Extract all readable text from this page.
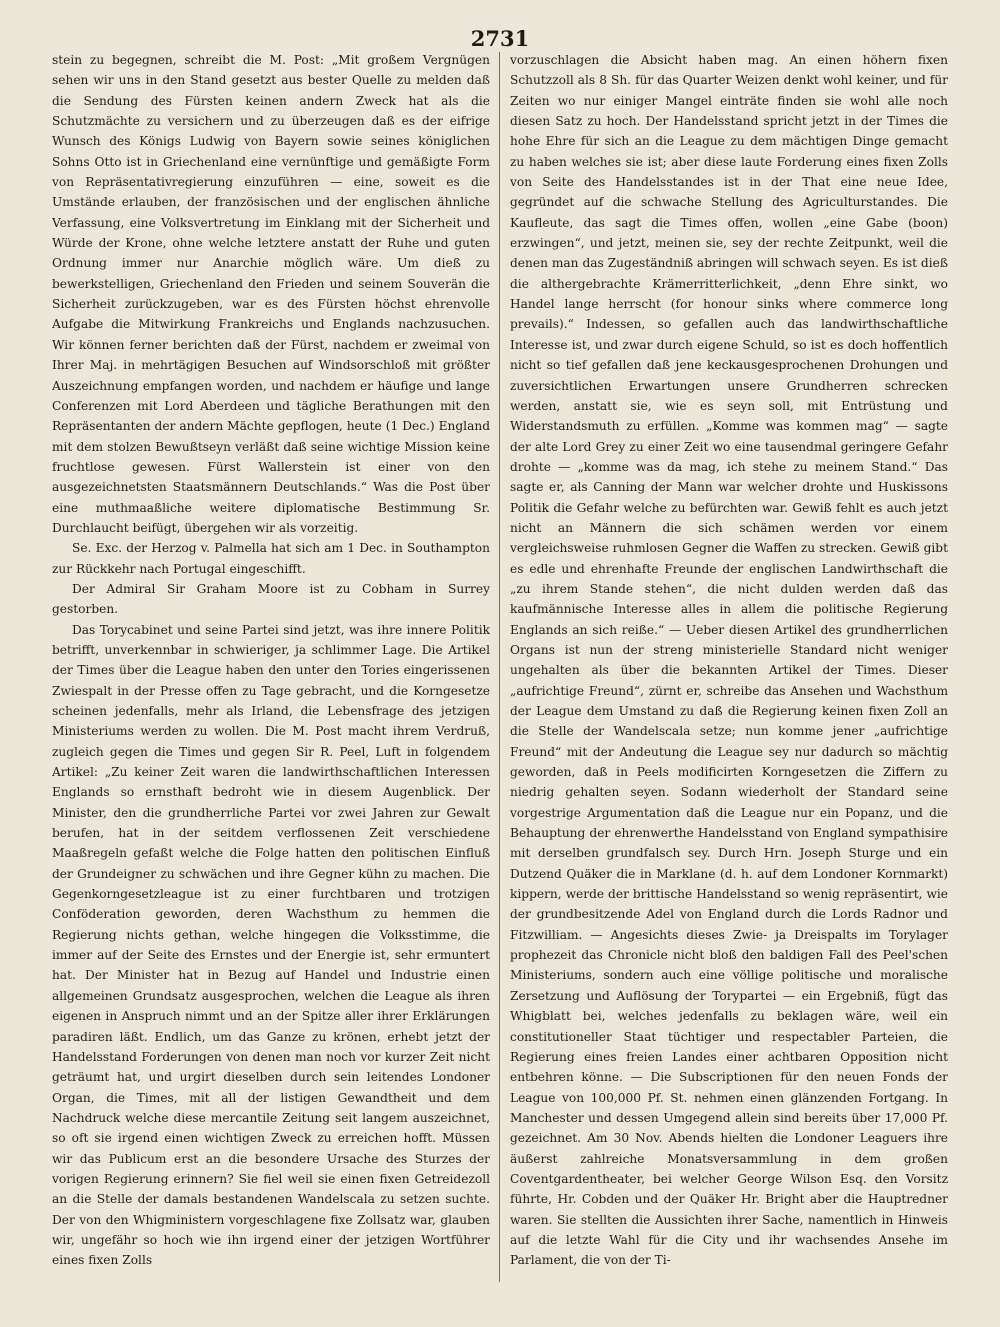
2731

stein zu begegnen, schreibt die M. Post: „Mit großem Vergnügen sehen wir uns in den Stand gesetzt aus bester Quelle zu melden daß die Sendung des Fürsten keinen andern Zweck hat als die Schutzmächte zu versichern und zu überzeugen daß es der eifrige Wunsch des Königs Ludwig von Bayern sowie seines königlichen Sohns Otto ist in Griechenland eine vernünftige und gemäßigte Form von Repräsentativregierung einzuführen — eine, soweit es die Umstände erlauben, der französischen und der englischen ähnliche Verfassung, eine Volksvertretung im Einklang mit der Sicherheit und Würde der Krone, ohne welche letztere anstatt der Ruhe und guten Ordnung immer nur Anarchie möglich wäre. Um dieß zu bewerkstelligen, Griechenland den Frieden und seinem Souverän die Sicherheit zurückzugeben, war es des Fürsten höchst ehrenvolle Aufgabe die Mitwirkung Frankreichs und Englands nachzusuchen. Wir können ferner berichten daß der Fürst, nachdem er zweimal von Ihrer Maj. in mehrtägigen Besuchen auf Windsorschloß mit größter Auszeichnung empfangen worden, und nachdem er häufige und lange Conferenzen mit Lord Aberdeen und tägliche Berathungen mit den Repräsentanten der andern Mächte gepflogen, heute (1 Dec.) England mit dem stolzen Bewußtseyn verläßt daß seine wichtige Mission keine fruchtlose gewesen. Fürst Wallerstein ist einer von den ausgezeichnetsten Staatsmännern Deutschlands.“ Was die Post über eine muthmaaßliche weitere diplomatische Bestimmung Sr. Durchlaucht beifügt, übergehen wir als vorzeitig.

Se. Exc. der Herzog v. Palmella hat sich am 1 Dec. in Southampton zur Rückkehr nach Portugal eingeschifft.

Der Admiral Sir Graham Moore ist zu Cobham in Surrey gestorben.

Das Torycabinet und seine Partei sind jetzt, was ihre innere Politik betrifft, unverkennbar in schwieriger, ja schlimmer Lage. Die Artikel der Times über die League haben den unter den Tories eingerissenen Zwiespalt in der Presse offen zu Tage gebracht, und die Korngesetze scheinen jedenfalls, mehr als Irland, die Lebensfrage des jetzigen Ministeriums werden zu wollen. Die M. Post macht ihrem Verdruß, zugleich gegen die Times und gegen Sir R. Peel, Luft in folgendem Artikel: „Zu keiner Zeit waren die landwirthschaftlichen Interessen Englands so ernsthaft bedroht wie in diesem Augenblick. Der Minister, den die grundherrliche Partei vor zwei Jahren zur Gewalt berufen, hat in der seitdem verflossenen Zeit verschiedene Maaßregeln gefaßt welche die Folge hatten den politischen Einfluß der Grundeigner zu schwächen und ihre Gegner kühn zu machen. Die Gegenkorngesetzleague ist zu einer furchtbaren und trotzigen Conföderation geworden, deren Wachsthum zu hemmen die Regierung nichts gethan, welche hingegen die Volksstimme, die immer auf der Seite des Ernstes und der Energie ist, sehr ermuntert hat. Der Minister hat in Bezug auf Handel und Industrie einen allgemeinen Grundsatz ausgesprochen, welchen die League als ihren eigenen in Anspruch nimmt und an der Spitze aller ihrer Erklärungen paradiren läßt. Endlich, um das Ganze zu krönen, erhebt jetzt der Handelsstand Forderungen von denen man noch vor kurzer Zeit nicht geträumt hat, und urgirt dieselben durch sein leitendes Londoner Organ, die Times, mit all der listigen Gewandtheit und dem Nachdruck welche diese mercantile Zeitung seit langem auszeichnet, so oft sie irgend einen wichtigen Zweck zu erreichen hofft. Müssen wir das Publicum erst an die besondere Ursache des Sturzes der vorigen Regierung erinnern? Sie fiel weil sie einen fixen Getreidezoll an die Stelle der damals bestandenen Wandelscala zu setzen suchte. Der von den Whigministern vorgeschlagene fixe Zollsatz war, glauben wir, ungefähr so hoch wie ihn irgend einer der jetzigen Wortführer eines fixen Zolls

vorzuschlagen die Absicht haben mag. An einen höhern fixen Schutzzoll als 8 Sh. für das Quarter Weizen denkt wohl keiner, und für Zeiten wo nur einiger Mangel einträte finden sie wohl alle noch diesen Satz zu hoch. Der Handelsstand spricht jetzt in der Times die hohe Ehre für sich an die League zu dem mächtigen Dinge gemacht zu haben welches sie ist; aber diese laute Forderung eines fixen Zolls von Seite des Handelsstandes ist in der That eine neue Idee, gegründet auf die schwache Stellung des Agriculturstandes. Die Kaufleute, das sagt die Times offen, wollen „eine Gabe (boon) erzwingen“, und jetzt, meinen sie, sey der rechte Zeitpunkt, weil die denen man das Zugeständniß abringen will schwach seyen. Es ist dieß die althergebrachte Krämerritterlichkeit, „denn Ehre sinkt, wo Handel lange herrscht (for honour sinks where commerce long prevails).“ Indessen, so gefallen auch das landwirthschaftliche Interesse ist, und zwar durch eigene Schuld, so ist es doch hoffentlich nicht so tief gefallen daß jene keckausgesprochenen Drohungen und zuversichtlichen Erwartungen unsere Grundherren schrecken werden, anstatt sie, wie es seyn soll, mit Entrüstung und Widerstandsmuth zu erfüllen. „Komme was kommen mag“ — sagte der alte Lord Grey zu einer Zeit wo eine tausendmal geringere Gefahr drohte — „komme was da mag, ich stehe zu meinem Stand.“ Das sagte er, als Canning der Mann war welcher drohte und Huskissons Politik die Gefahr welche zu befürchten war. Gewiß fehlt es auch jetzt nicht an Männern die sich schämen werden vor einem vergleichsweise ruhmlosen Gegner die Waffen zu strecken. Gewiß gibt es edle und ehrenhafte Freunde der englischen Landwirthschaft die „zu ihrem Stande stehen“, die nicht dulden werden daß das kaufmännische Interesse alles in allem die politische Regierung Englands an sich reiße.“ — Ueber diesen Artikel des grundherrlichen Organs ist nun der streng ministerielle Standard nicht weniger ungehalten als über die bekannten Artikel der Times. Dieser „aufrichtige Freund“, zürnt er, schreibe das Ansehen und Wachsthum der League dem Umstand zu daß die Regierung keinen fixen Zoll an die Stelle der Wandelscala setze; nun komme jener „aufrichtige Freund“ mit der Andeutung die League sey nur dadurch so mächtig geworden, daß in Peels modificirten Korngesetzen die Ziffern zu niedrig gehalten seyen. Sodann wiederholt der Standard seine vorgestrige Argumentation daß die League nur ein Popanz, und die Behauptung der ehrenwerthe Handelsstand von England sympathisire mit derselben grundfalsch sey. Durch Hrn. Joseph Sturge und ein Dutzend Quäker die in Marklane (d. h. auf dem Londoner Kornmarkt) kippern, werde der brittische Handelsstand so wenig repräsentirt, wie der grundbesitzende Adel von England durch die Lords Radnor und Fitzwilliam. — Angesichts dieses Zwie- ja Dreispalts im Torylager prophezeit das Chronicle nicht bloß den baldigen Fall des Peel'schen Ministeriums, sondern auch eine völlige politische und moralische Zersetzung und Auflösung der Torypartei — ein Ergebniß, fügt das Whigblatt bei, welches jedenfalls zu beklagen wäre, weil ein constitutioneller Staat tüchtiger und respectabler Parteien, die Regierung eines freien Landes einer achtbaren Opposition nicht entbehren könne. — Die Subscriptionen für den neuen Fonds der League von 100,000 Pf. St. nehmen einen glänzenden Fortgang. In Manchester und dessen Umgegend allein sind bereits über 17,000 Pf. gezeichnet. Am 30 Nov. Abends hielten die Londoner Leaguers ihre äußerst zahlreiche Monatsversammlung in dem großen Coventgardentheater, bei welcher George Wilson Esq. den Vorsitz führte, Hr. Cobden und der Quäker Hr. Bright aber die Hauptredner waren. Sie stellten die Aussichten ihrer Sache, namentlich in Hinweis auf die letzte Wahl für die City und ihr wachsendes Ansehe im Parlament, die von der Ti-
